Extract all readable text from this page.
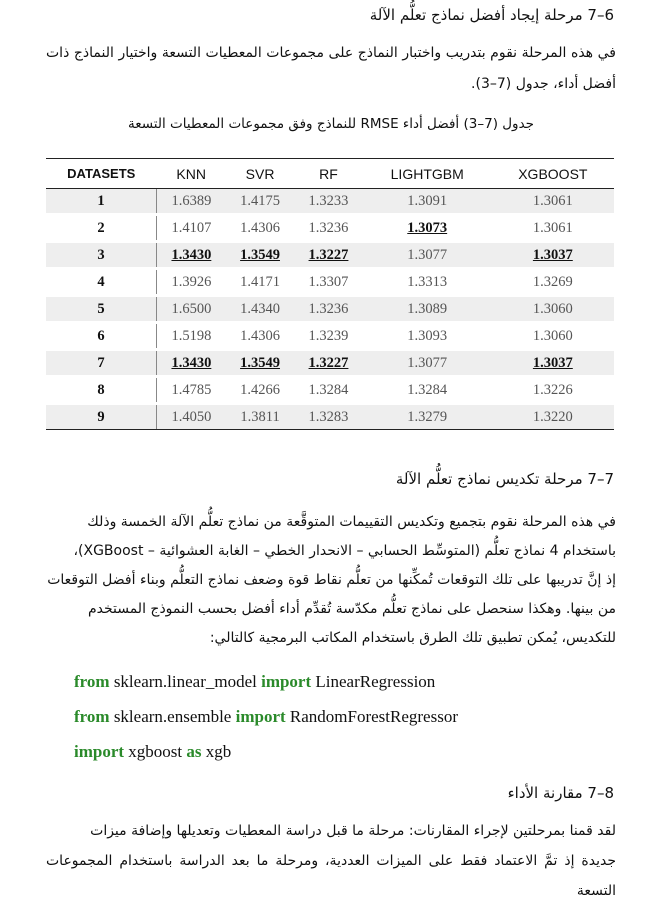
6–7 مرحلة إيجاد أفضل نماذج تعلُّم الآلة
في هذه المرحلة نقوم بتدريب واختبار النماذج على مجموعات المعطيات التسعة واختيار النماذج ذات أفضل أداء، جدول (7–3).
جدول (7–3) أفضل أداء RMSE للنماذج وفق مجموعات المعطيات التسعة
DATASETS	KNN	SVR	RF	LIGHTGBM	XGBOOST
1	1.6389	1.4175	1.3233	1.3091	1.3061
2	1.4107	1.4306	1.3236	1.3073	1.3061
3	1.3430	1.3549	1.3227	1.3077	1.3037
4	1.3926	1.4171	1.3307	1.3313	1.3269
5	1.6500	1.4340	1.3236	1.3089	1.3060
6	1.5198	1.4306	1.3239	1.3093	1.3060
7	1.3430	1.3549	1.3227	1.3077	1.3037
8	1.4785	1.4266	1.3284	1.3284	1.3226
9	1.4050	1.3811	1.3283	1.3279	1.3220
7–7 مرحلة تكديس نماذج تعلُّم الآلة
في هذه المرحلة نقوم بتجميع وتكديس التقييمات المتوقَّعة من نماذج تعلُّم الآلة الخمسة وذلك
باستخدام 4 نماذج تعلُّم (المتوسِّط الحسابي – الانحدار الخطي – الغابة العشوائية – XGBoost)،
إذ إنَّ تدريبها على تلك التوقعات تُمكِّنها من تعلُّم نقاط قوة وضعف نماذج التعلُّم وبناء أفضل التوقعات
من بينها. وهكذا سنحصل على نماذج تعلُّم مكدّسة تُقدِّم أداء أفضل بحسب النموذج المستخدم
للتكديس، يُمكن تطبيق تلك الطرق باستخدام المكاتب البرمجية كالتالي:
from sklearn.linear_model import LinearRegression
from sklearn.ensemble import RandomForestRegressor
import xgboost as xgb
8–7 مقارنة الأداء
لقد قمنا بمرحلتين لإجراء المقارنات: مرحلة ما قبل دراسة المعطيات وتعديلها وإضافة ميزات
جديدة إذ تمَّ الاعتماد فقط على الميزات العددية، ومرحلة ما بعد الدراسة باستخدام المجموعات التسعة
